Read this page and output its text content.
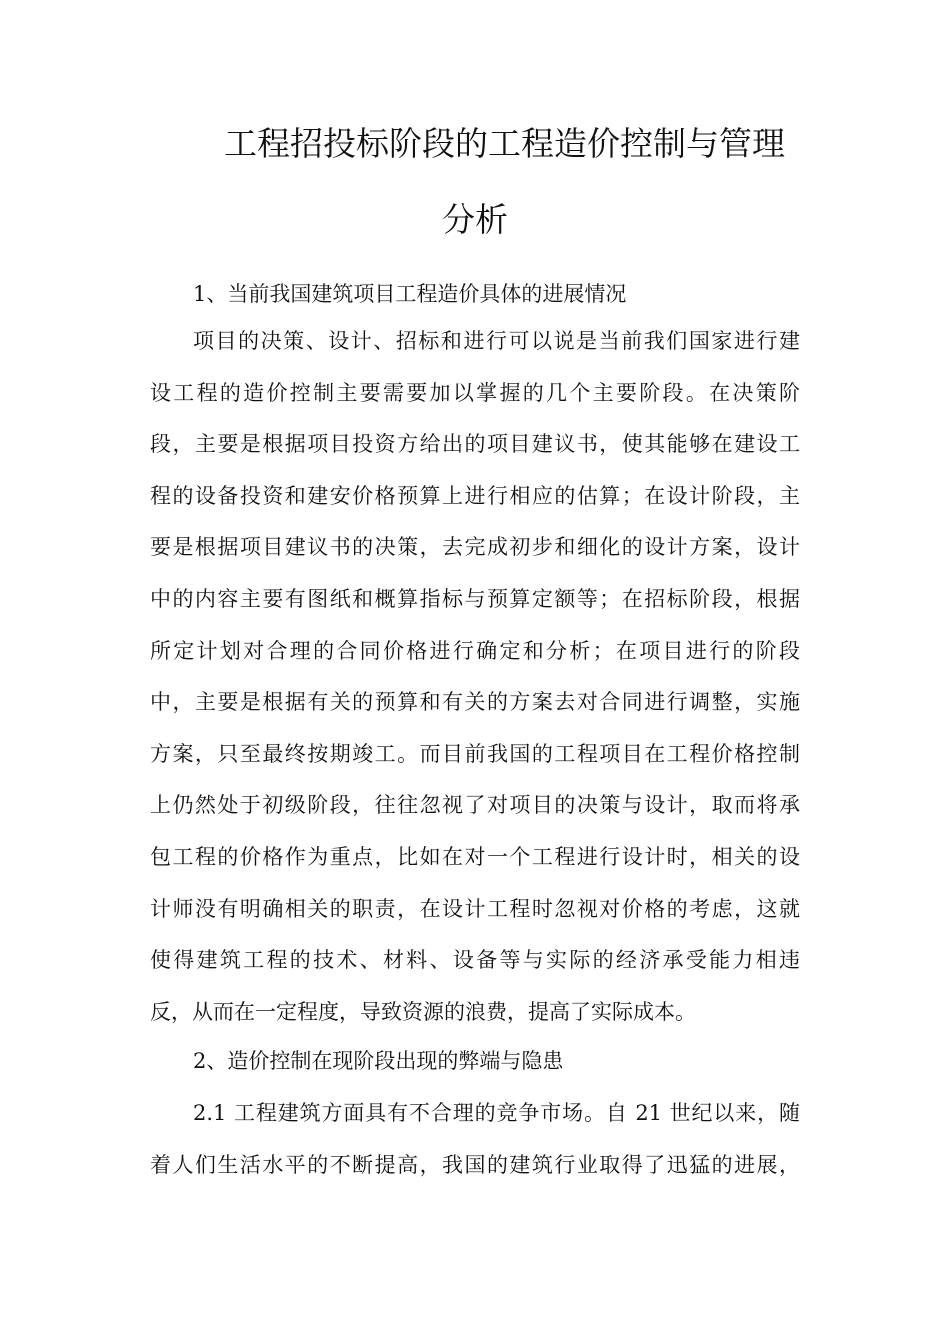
工程招投标阶段的工程造价控制与管理
分析
1、当前我国建筑项目工程造价具体的进展情况
项目的决策、设计、招标和进行可以说是当前我们国家进行建
设工程的造价控制主要需要加以掌握的几个主要阶段。在决策阶
段，主要是根据项目投资方给出的项目建议书，使其能够在建设工
程的设备投资和建安价格预算上进行相应的估算；在设计阶段，主
要是根据项目建议书的决策，去完成初步和细化的设计方案，设计
中的内容主要有图纸和概算指标与预算定额等；在招标阶段，根据
所定计划对合理的合同价格进行确定和分析；在项目进行的阶段
中，主要是根据有关的预算和有关的方案去对合同进行调整，实施
方案，只至最终按期竣工。而目前我国的工程项目在工程价格控制
上仍然处于初级阶段，往往忽视了对项目的决策与设计，取而将承
包工程的价格作为重点，比如在对一个工程进行设计时，相关的设
计师没有明确相关的职责，在设计工程时忽视对价格的考虑，这就
使得建筑工程的技术、材料、设备等与实际的经济承受能力相违
反，从而在一定程度，导致资源的浪费，提高了实际成本。
2、造价控制在现阶段出现的弊端与隐患
2.1 工程建筑方面具有不合理的竞争市场。自 21 世纪以来，随
着人们生活水平的不断提高，我国的建筑行业取得了迅猛的进展，
